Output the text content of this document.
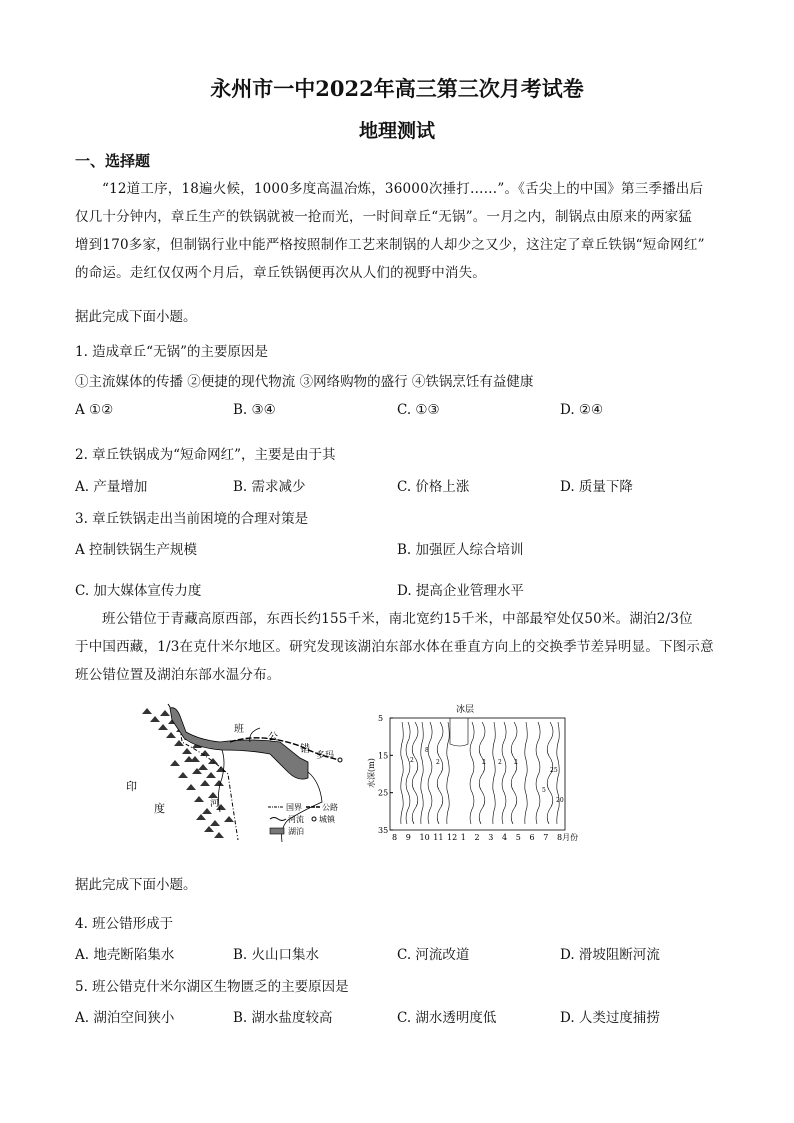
永州市一中2022年高三第三次月考试卷
地理测试
一、选择题

“12道工序，18遍火候，1000多度高温冶炼，36000次捶打……”。《舌尖上的中国》第三季播出后

仅几十分钟内，章丘生产的铁锅就被一抢而光，一时间章丘“无锅”。一月之内，制锅点由原来的两家猛

增到170多家，但制锅行业中能严格按照制作工艺来制锅的人却少之又少，这注定了章丘铁锅“短命网红”

的命运。走红仅仅两个月后，章丘铁锅便再次从人们的视野中消失。

据此完成下面小题。
1. 造成章丘“无锅”的主要原因是
①主流媒体的传播 ②便捷的现代物流 ③网络购物的盛行 ④铁锅烹饪有益健康
A ①②	B. ③④	C. ①③	D. ②④
2. 章丘铁锅成为“短命网红”，主要是由于其
A. 产量增加	B. 需求减少	C. 价格上涨	D. 质量下降
3. 章丘铁锅走出当前困境的合理对策是
A 控制铁锅生产规模	B. 加强匠人综合培训
C. 加大媒体宣传力度	D. 提高企业管理水平

班公错位于青藏高原西部，东西长约155千米，南北宽约15千米，中部最窄处仅50米。湖泊2/3位

于中国西藏，1/3在克什米尔地区。研究发现该湖泊东部水体在垂直方向上的交换季节差异明显。下图示意

班公错位置及湖泊东部水温分布。

印
度
班
公
错
多玛
河	国界	公路
河流 城镇
湖泊
冰层
水深(m)
5
15
25
35
8 9 10 11 12 1 2 3 4 5 6 7 8月份
2
8
2	2 2 2
5
25
20
据此完成下面小题。
4. 班公错形成于
A. 地壳断陷集水	B. 火山口集水	C. 河流改道	D. 滑坡阻断河流
5. 班公错克什米尔湖区生物匮乏的主要原因是
A. 湖泊空间狭小	B. 湖水盐度较高	C. 湖水透明度低	D. 人类过度捕捞
